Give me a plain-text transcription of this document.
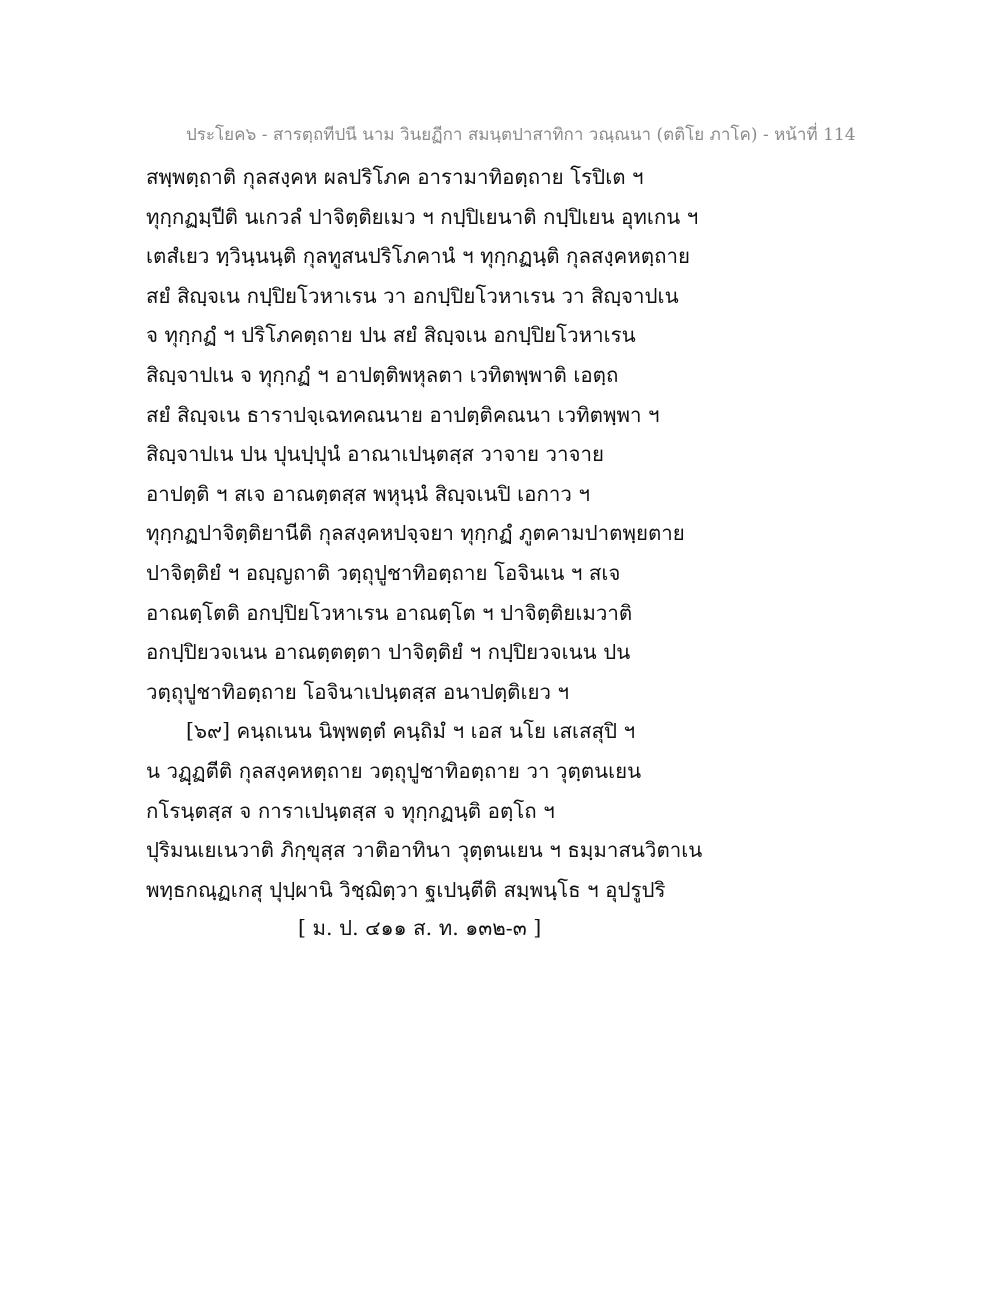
ประโยค๖ - สารตฺถทีปนี นาม วินยฏีกา สมนฺตปาสาทิกา วณฺณนา (ตติโย ภาโค) - หน้าที่ 114
สพฺพตฺถาติ กุลสงฺคห ผลปริโภค อารามาทิอตฺถาย โรปิเต ฯ
ทุกฺกฏมฺปีติ นเกวลํ ปาจิตฺติยเมว ฯ กปฺปิเยนาติ กปฺปิเยน อุทเกน ฯ
เตสํเยว ทฺวินฺนนฺติ กุลทูสนปริโภคานํ ฯ ทุกฺกฏนฺติ กุลสงฺคหตฺถาย
สยํ สิญฺจเน กปฺปิยโวหาเรน วา อกปฺปิยโวหาเรน วา สิญฺจาปเน
จ ทุกฺกฏํ ฯ ปริโภคตฺถาย ปน สยํ สิญฺจเน อกปฺปิยโวหาเรน
สิญฺจาปเน จ ทุกฺกฏํ ฯ อาปตฺติพหุลตา เวทิตพฺพาติ เอตฺถ
สยํ สิญฺจเน ธาราปจฺเฉทคณนาย อาปตฺติคณนา เวทิตพฺพา ฯ
สิญฺจาปเน ปน ปุนปฺปุนํ อาณาเปนฺตสฺส วาจาย วาจาย
อาปตฺติ ฯ สเจ อาณตฺตสฺส พหุนฺนํ สิญฺจเนปิ เอกาว ฯ
ทุกฺกฏปาจิตฺติยานีติ กุลสงฺคหปจฺจยา ทุกฺกฏํ ภูตคามปาตพฺยตาย
ปาจิตฺติยํ ฯ อญฺญถาติ วตฺถุปูชาทิอตฺถาย โอจินเน ฯ สเจ
อาณตฺโตติ อกปฺปิยโวหาเรน อาณตฺโต ฯ ปาจิตฺติยเมวาติ
อกปฺปิยวจเนน อาณตฺตตฺตา ปาจิตฺติยํ ฯ กปฺปิยวจเนน ปน
วตฺถุปูชาทิอตฺถาย โอจินาเปนฺตสฺส อนาปตฺติเยว ฯ
[๖๙] คนฺถเนน นิพฺพตฺตํ คนฺถิมํ ฯ เอส นโย เสเสสุปิ ฯ
น วฏฺฏตีติ กุลสงฺคหตฺถาย วตฺถุปูชาทิอตฺถาย วา วุตฺตนเยน
กโรนฺตสฺส จ การาเปนฺตสฺส จ ทุกฺกฏนฺติ อตฺโถ ฯ
ปุริมนเยเนวาติ ภิกฺขุสฺส วาติอาทินา วุตฺตนเยน ฯ ธมฺมาสนวิตาเน
พทฺธกณฺฏเกสุ ปุปฺผานิ วิชฺฌิตฺวา ฐเปนฺตีติ สมฺพนฺโธ ฯ อุปรูปริ
[ ม. ป. ๔๑๑ ส. ท. ๑๓๒-๓ ]
